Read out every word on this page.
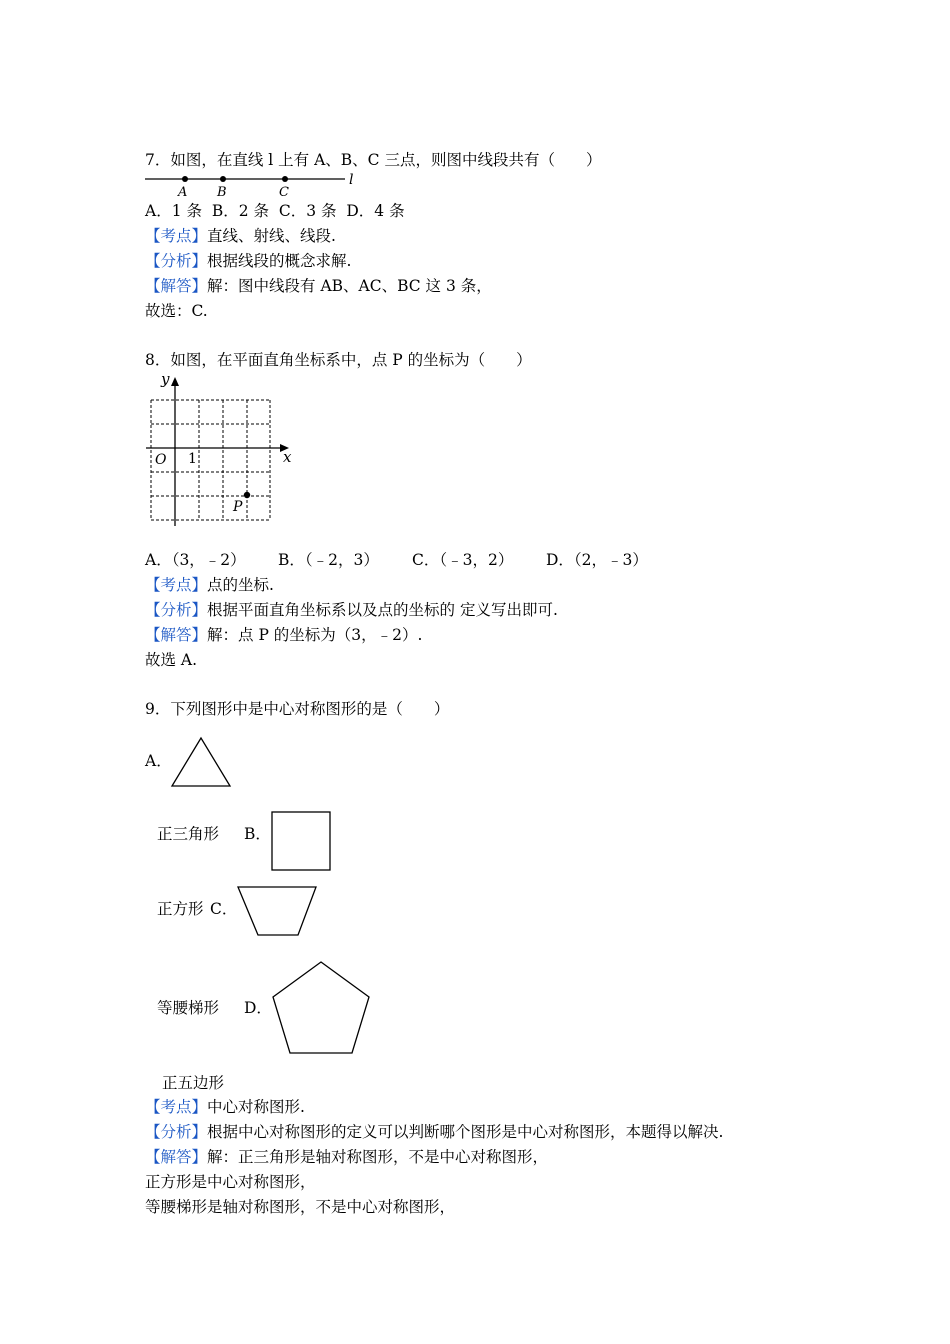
7．如图，在直线 l 上有 A、B、C 三点，则图中线段共有（　　）
A B	C
l
A．1 条  B．2 条  C．3 条  D．4 条
【考点】直线、射线、线段.
【分析】根据线段的概念求解.
【解答】解：图中线段有 AB、AC、BC 这 3 条，
故选：C.
8．如图，在平面直角坐标系中，点 P 的坐标为（　　）
y
x
O 1
P
A．（3，﹣2） B．（﹣2，3） C．（﹣3，2） D．（2，﹣3）
【考点】点的坐标.
【分析】根据平面直角坐标系以及点的坐标的 定义写出即可.
【解答】解：点 P 的坐标为（3，﹣2）.
故选 A.
9．下列图形中是中心对称图形的是（　　）
A．
正三角形 B．
正方形 C．
等腰梯形 D．
正五边形
【考点】中心对称图形.
【分析】根据中心对称图形的定义可以判断哪个图形是中心对称图形，本题得以解决.
【解答】解：正三角形是轴对称图形，不是中心对称图形，
正方形是中心对称图形，
等腰梯形是轴对称图形，不是中心对称图形，
